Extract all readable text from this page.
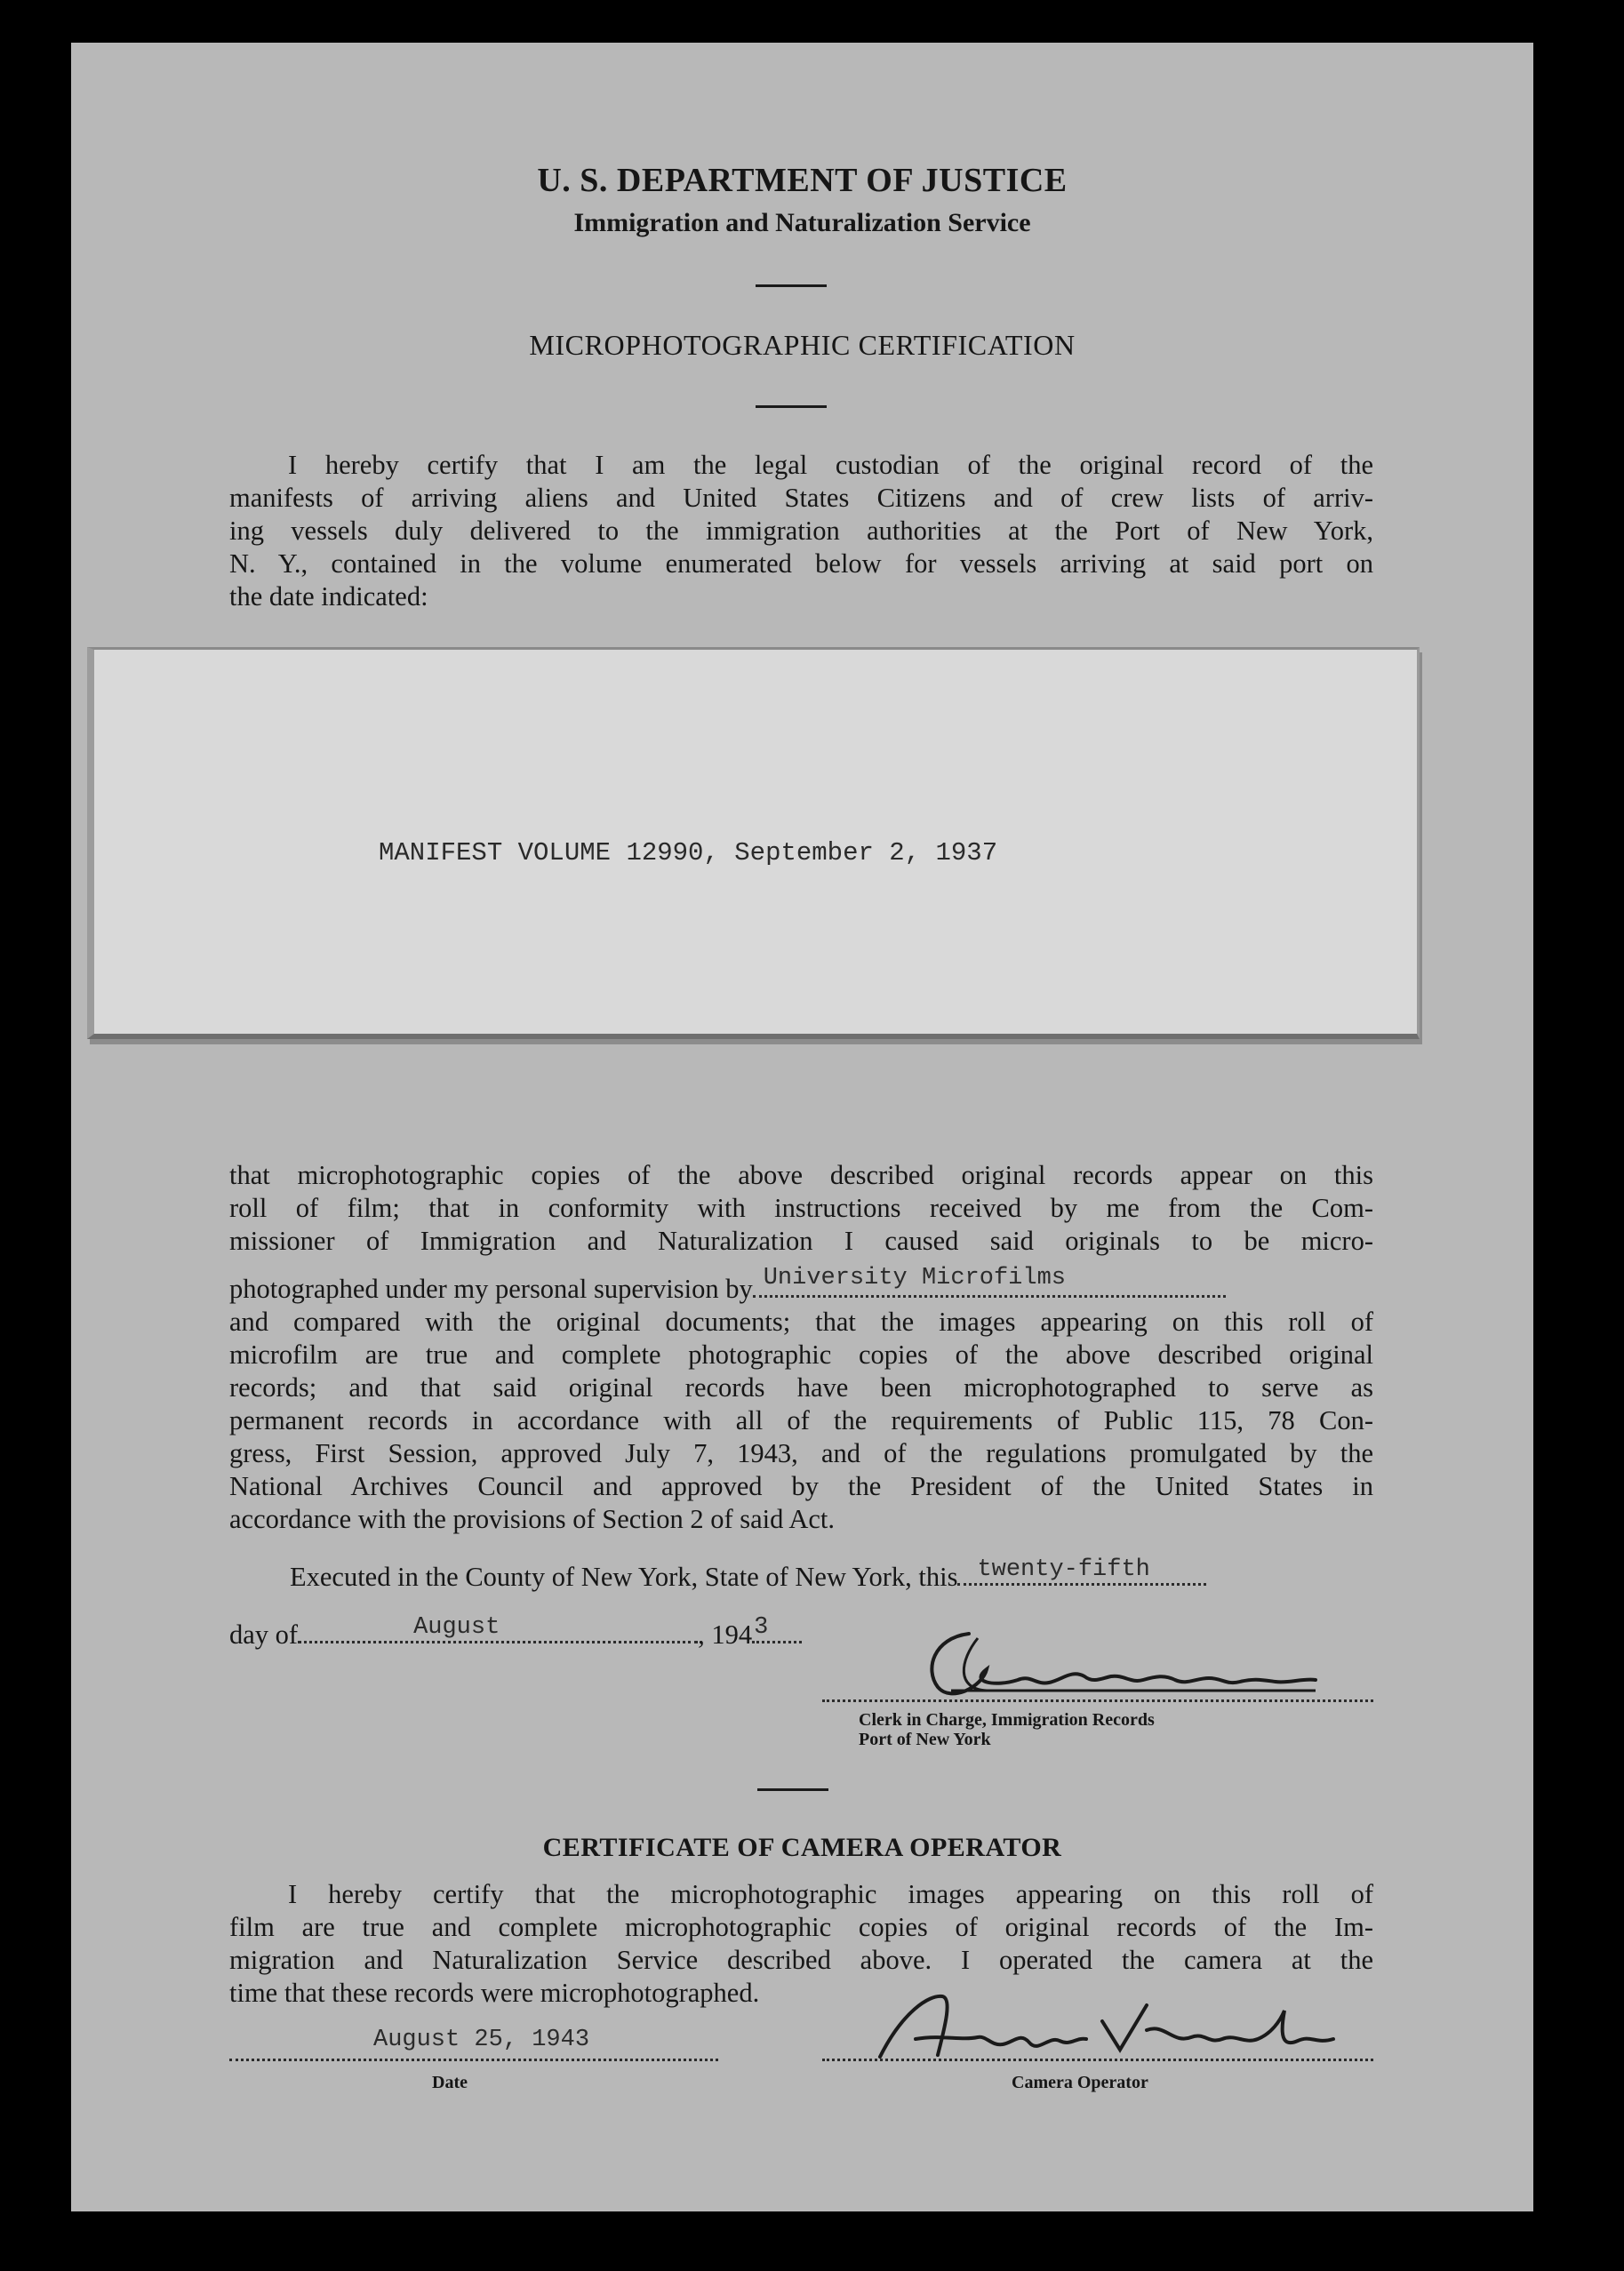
U. S. DEPARTMENT OF JUSTICE
Immigration and Naturalization Service
MICROPHOTOGRAPHIC CERTIFICATION
I hereby certify that I am the legal custodian of the original record of the
manifests of arriving aliens and United States Citizens and of crew lists of arriv-
ing vessels duly delivered to the immigration authorities at the Port of New York,
N. Y., contained in the volume enumerated below for vessels arriving at said port on
the date indicated:
MANIFEST VOLUME 12990, September 2, 1937
that microphotographic copies of the above described original records appear on this
roll of film; that in conformity with instructions received by me from the Com-
missioner of Immigration and Naturalization I caused said originals to be micro-
photographed under my personal supervision by University Microfilms
and compared with the original documents; that the images appearing on this roll of
microfilm are true and complete photographic copies of the above described original
records; and that said original records have been microphotographed to serve as
permanent records in accordance with all of the requirements of Public 115, 78 Con-
gress, First Session, approved July 7, 1943, and of the regulations promulgated by the
National Archives Council and approved by the President of the United States in
accordance with the provisions of Section 2 of said Act.
Executed in the County of New York, State of New York, this twenty-fifth
day of	August	, 194 3
Clerk in Charge, Immigration Records
Port of New York
CERTIFICATE OF CAMERA OPERATOR
I hereby certify that the microphotographic images appearing on this roll of
film are true and complete microphotographic copies of original records of the Im-
migration and Naturalization Service described above. I operated the camera at the
time that these records were microphotographed.
August 25, 1943
Date	Camera Operator
